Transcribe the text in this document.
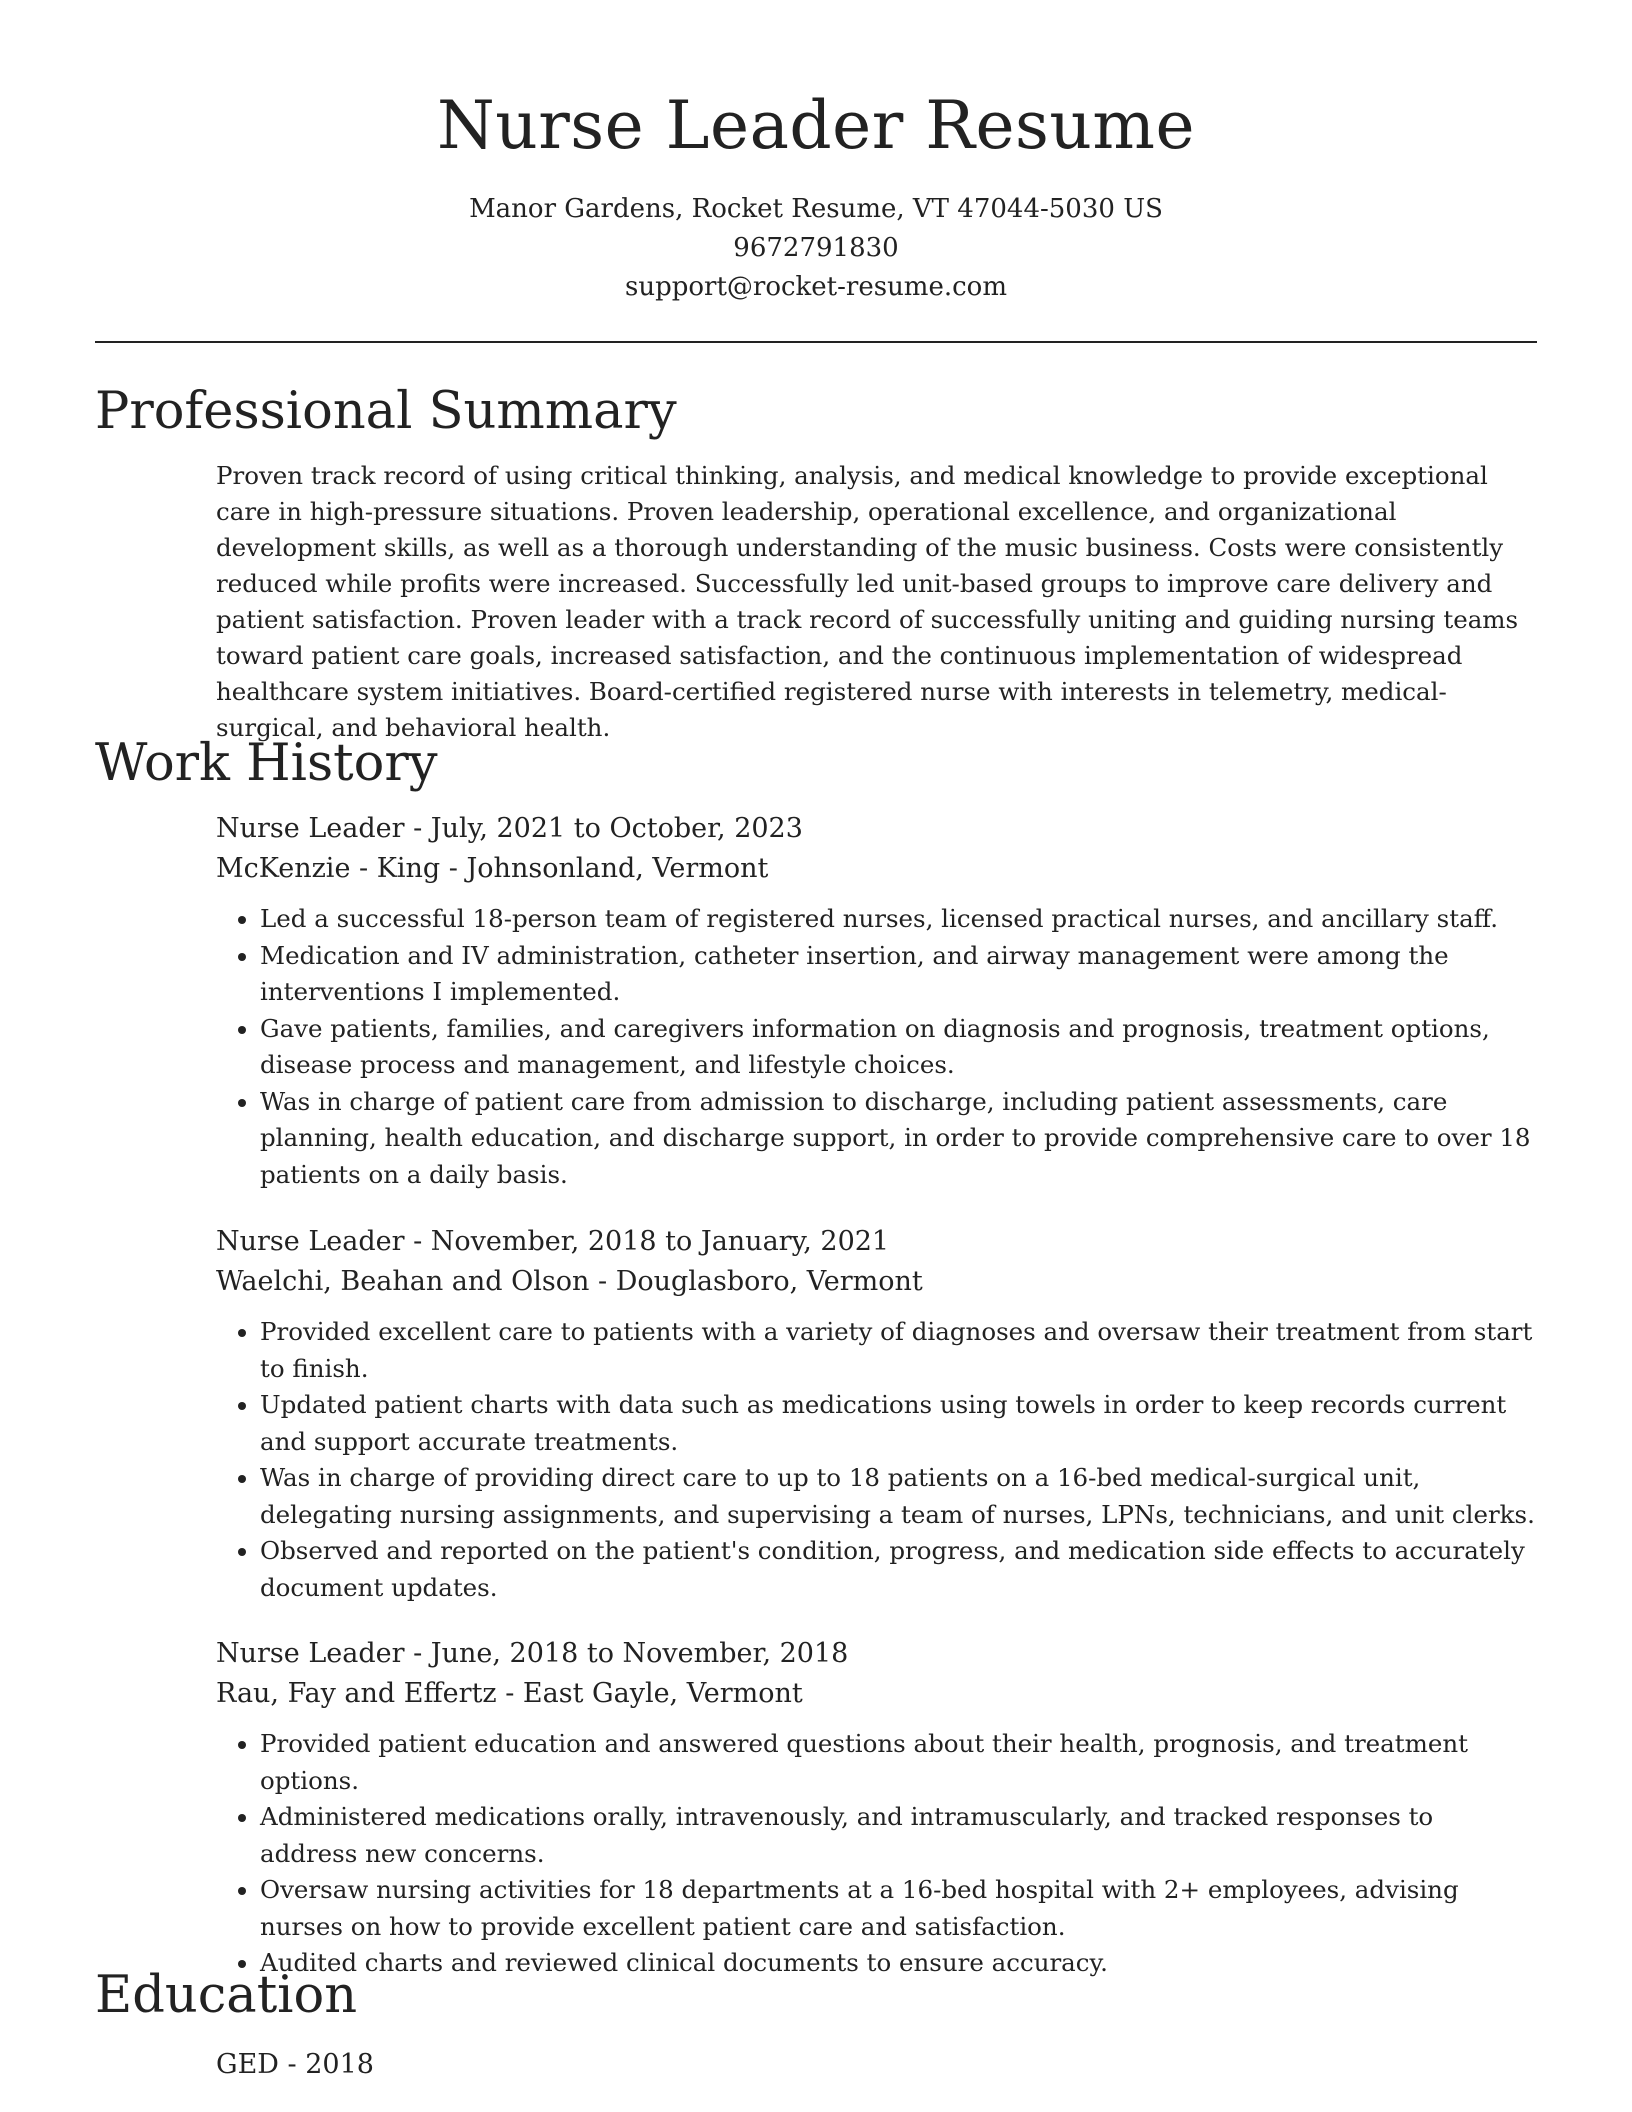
Nurse Leader Resume
Manor Gardens, Rocket Resume, VT 47044-5030 US
9672791830
support@rocket-resume.com
Professional Summary

Proven track record of using critical thinking, analysis, and medical knowledge to provide exceptional care in high-pressure situations. Proven leadership, operational excellence, and organizational development skills, as well as a thorough understanding of the music business. Costs were consistently reduced while profits were increased. Successfully led unit-based groups to improve care delivery and patient satisfaction. Proven leader with a track record of successfully uniting and guiding nursing teams toward patient care goals, increased satisfaction, and the continuous implementation of widespread healthcare system initiatives. Board-certified registered nurse with interests in telemetry, medical-surgical, and behavioral health.

Work History
Nurse Leader - July, 2021 to October, 2023
McKenzie - King - Johnsonland, Vermont
• Led a successful 18-person team of registered nurses, licensed practical nurses, and ancillary staff.
• Medication and IV administration, catheter insertion, and airway management were among the interventions I implemented.
• Gave patients, families, and caregivers information on diagnosis and prognosis, treatment options, disease process and management, and lifestyle choices.
• Was in charge of patient care from admission to discharge, including patient assessments, care planning, health education, and discharge support, in order to provide comprehensive care to over 18 patients on a daily basis.
Nurse Leader - November, 2018 to January, 2021
Waelchi, Beahan and Olson - Douglasboro, Vermont
• Provided excellent care to patients with a variety of diagnoses and oversaw their treatment from start to finish.
• Updated patient charts with data such as medications using towels in order to keep records current and support accurate treatments.
• Was in charge of providing direct care to up to 18 patients on a 16-bed medical-surgical unit, delegating nursing assignments, and supervising a team of nurses, LPNs, technicians, and unit clerks.
• Observed and reported on the patient's condition, progress, and medication side effects to accurately document updates.
Nurse Leader - June, 2018 to November, 2018
Rau, Fay and Effertz - East Gayle, Vermont
• Provided patient education and answered questions about their health, prognosis, and treatment options.
• Administered medications orally, intravenously, and intramuscularly, and tracked responses to address new concerns.
• Oversaw nursing activities for 18 departments at a 16-bed hospital with 2+ employees, advising nurses on how to provide excellent patient care and satisfaction.
• Audited charts and reviewed clinical documents to ensure accuracy.
Education
GED - 2018
